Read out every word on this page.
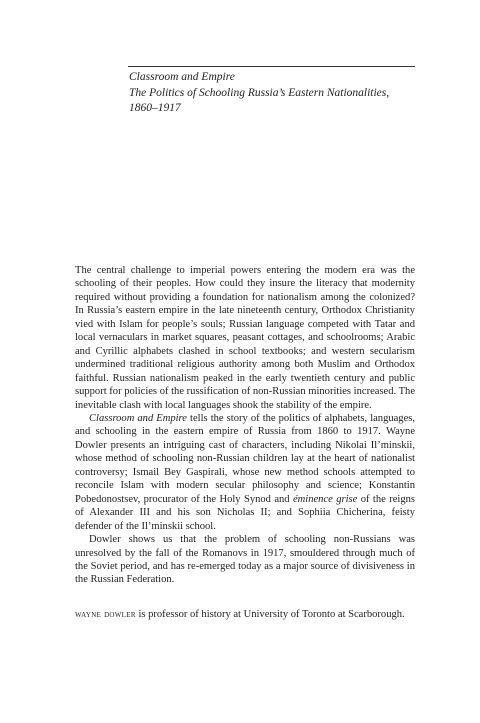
Classroom and Empire
The Politics of Schooling Russia’s Eastern Nationalities,
1860–1917

The central challenge to imperial powers entering the modern era was the schooling of their peoples. How could they insure the literacy that modernity required without providing a foundation for nationalism among the colonized? In Russia’s eastern empire in the late nineteenth century, Orthodox Christianity vied with Islam for people’s souls; Russian language competed with Tatar and local vernaculars in market squares, peasant cottages, and schoolrooms; Arabic and Cyrillic alphabets clashed in school textbooks; and western secularism undermined traditional religious authority among both Muslim and Orthodox faithful. Russian nationalism peaked in the early twentieth century and public support for policies of the russification of non-Russian minorities increased. The inevitable clash with local languages shook the stability of the empire.

Classroom and Empire tells the story of the politics of alphabets, languages, and schooling in the eastern empire of Russia from 1860 to 1917. Wayne Dowler presents an intriguing cast of characters, including Nikolai Il’minskii, whose method of schooling non-Russian children lay at the heart of nationalist controversy; Ismail Bey Gaspirali, whose new method schools attempted to reconcile Islam with modern secular philosophy and science; Konstantin Pobedonostsev, procurator of the Holy Synod and éminence grise of the reigns of Alexander III and his son Nicholas II; and Sophiia Chicherina, feisty defender of the Il’minskii school.

Dowler shows us that the problem of schooling non-Russians was unresolved by the fall of the Romanovs in 1917, smouldered through much of the Soviet period, and has re-emerged today as a major source of divisiveness in the Russian Federation.

wayne dowler is professor of history at University of Toronto at Scarborough.
